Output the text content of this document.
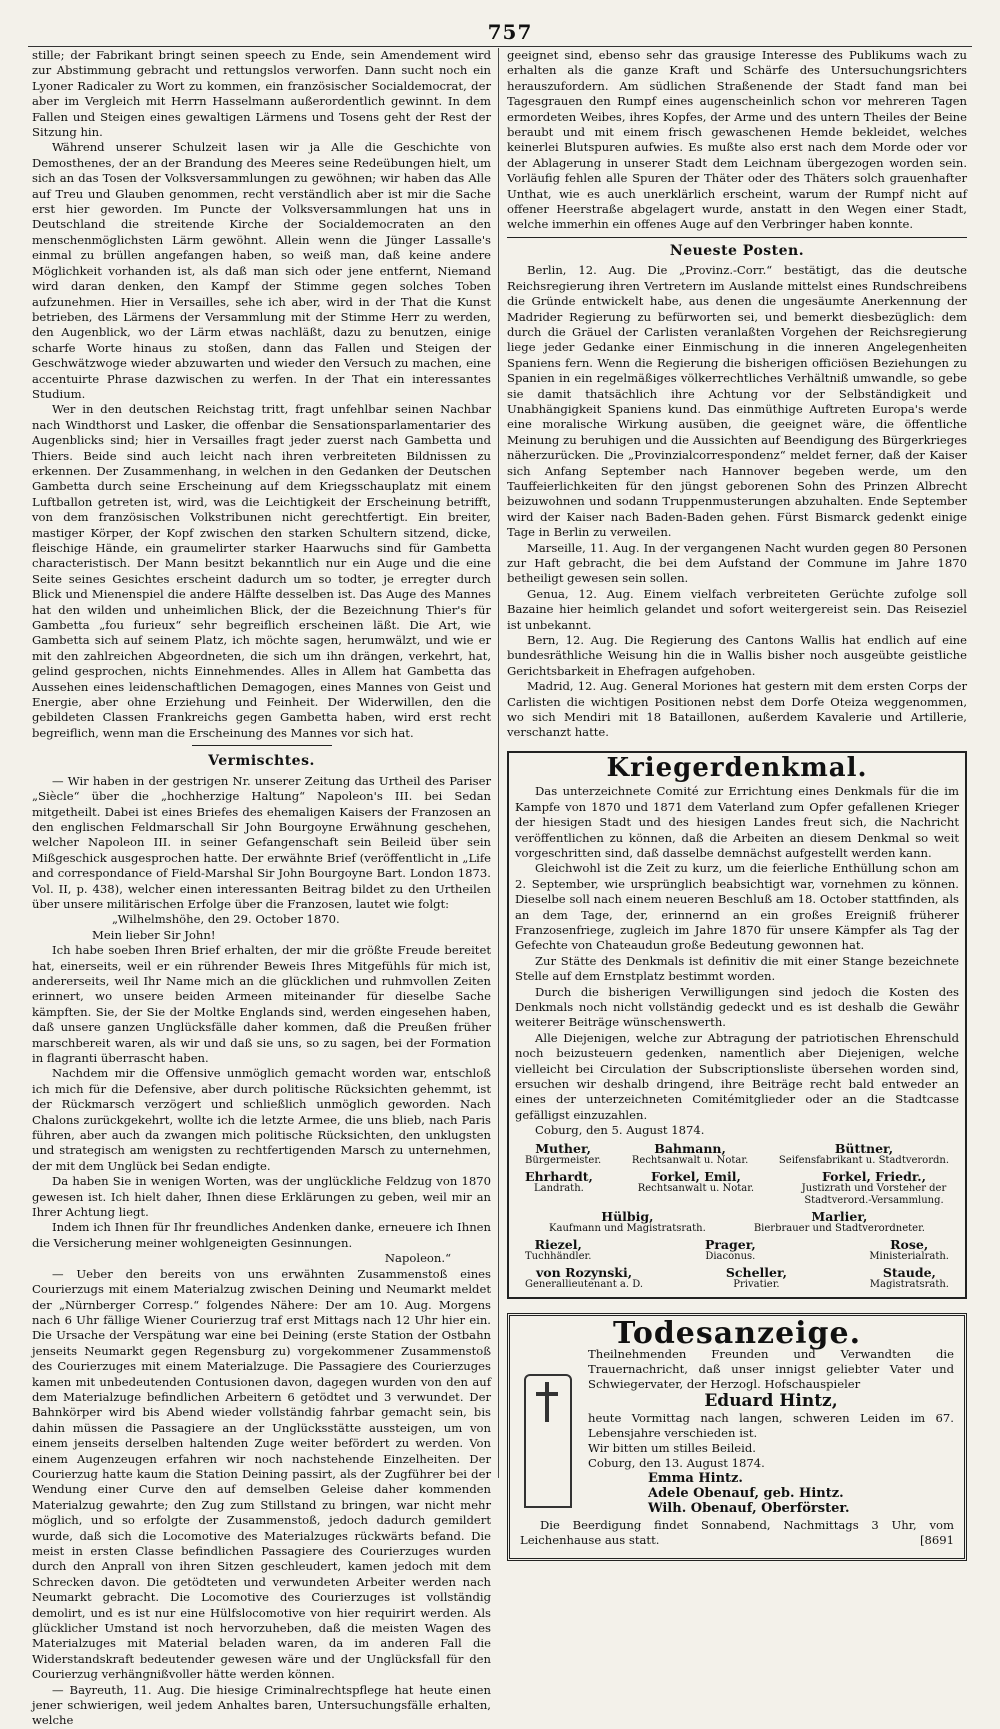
757

stille; der Fabrikant bringt seinen speech zu Ende, sein Amendement wird zur Abstimmung gebracht und rettungslos verworfen. Dann sucht noch ein Lyoner Radicaler zu Wort zu kommen, ein französischer Socialdemocrat, der aber im Vergleich mit Herrn Hasselmann außerordentlich gewinnt. In dem Fallen und Steigen eines gewaltigen Lärmens und Tosens geht der Rest der Sitzung hin.

Während unserer Schulzeit lasen wir ja Alle die Geschichte von Demosthenes, der an der Brandung des Meeres seine Redeübungen hielt, um sich an das Tosen der Volksversammlungen zu gewöhnen; wir haben das Alle auf Treu und Glauben genommen, recht verständlich aber ist mir die Sache erst hier geworden. Im Puncte der Volksversammlungen hat uns in Deutschland die streitende Kirche der Socialdemocraten an den menschenmöglichsten Lärm gewöhnt. Allein wenn die Jünger Lassalle's einmal zu brüllen angefangen haben, so weiß man, daß keine andere Möglichkeit vorhanden ist, als daß man sich oder jene entfernt, Niemand wird daran denken, den Kampf der Stimme gegen solches Toben aufzunehmen. Hier in Versailles, sehe ich aber, wird in der That die Kunst betrieben, des Lärmens der Versammlung mit der Stimme Herr zu werden, den Augenblick, wo der Lärm etwas nachläßt, dazu zu benutzen, einige scharfe Worte hinaus zu stoßen, dann das Fallen und Steigen der Geschwätzwoge wieder abzuwarten und wieder den Versuch zu machen, eine accentuirte Phrase dazwischen zu werfen. In der That ein interessantes Studium.

Wer in den deutschen Reichstag tritt, fragt unfehlbar seinen Nachbar nach Windthorst und Lasker, die offenbar die Sensationsparlamentarier des Augenblicks sind; hier in Versailles fragt jeder zuerst nach Gambetta und Thiers. Beide sind auch leicht nach ihren verbreiteten Bildnissen zu erkennen. Der Zusammenhang, in welchen in den Gedanken der Deutschen Gambetta durch seine Erscheinung auf dem Kriegsschauplatz mit einem Luftballon getreten ist, wird, was die Leichtigkeit der Erscheinung betrifft, von dem französischen Volkstribunen nicht gerechtfertigt. Ein breiter, mastiger Körper, der Kopf zwischen den starken Schultern sitzend, dicke, fleischige Hände, ein graumelirter starker Haarwuchs sind für Gambetta characteristisch. Der Mann besitzt bekanntlich nur ein Auge und die eine Seite seines Gesichtes erscheint dadurch um so todter, je erregter durch Blick und Mienenspiel die andere Hälfte desselben ist. Das Auge des Mannes hat den wilden und unheimlichen Blick, der die Bezeichnung Thier's für Gambetta „fou furieux“ sehr begreiflich erscheinen läßt. Die Art, wie Gambetta sich auf seinem Platz, ich möchte sagen, herumwälzt, und wie er mit den zahlreichen Abgeordneten, die sich um ihn drängen, verkehrt, hat, gelind gesprochen, nichts Einnehmendes. Alles in Allem hat Gambetta das Aussehen eines leidenschaftlichen Demagogen, eines Mannes von Geist und Energie, aber ohne Erziehung und Feinheit. Der Widerwillen, den die gebildeten Classen Frankreichs gegen Gambetta haben, wird erst recht begreiflich, wenn man die Erscheinung des Mannes vor sich hat.

Vermischtes.

— Wir haben in der gestrigen Nr. unserer Zeitung das Urtheil des Pariser „Siècle“ über die „hochherzige Haltung“ Napoleon's III. bei Sedan mitgetheilt. Dabei ist eines Briefes des ehemaligen Kaisers der Franzosen an den englischen Feldmarschall Sir John Bourgoyne Erwähnung geschehen, welcher Napoleon III. in seiner Gefangenschaft sein Beileid über sein Mißgeschick ausgesprochen hatte. Der erwähnte Brief (veröffentlicht in „Life and correspondance of Field-Marshal Sir John Bourgoyne Bart. London 1873. Vol. II, p. 438), welcher einen interessanten Beitrag bildet zu den Urtheilen über unsere militärischen Erfolge über die Franzosen, lautet wie folgt:

„Wilhelmshöhe, den 29. October 1870.

Mein lieber Sir John!

Ich habe soeben Ihren Brief erhalten, der mir die größte Freude bereitet hat, einerseits, weil er ein rührender Beweis Ihres Mitgefühls für mich ist, andererseits, weil Ihr Name mich an die glücklichen und ruhmvollen Zeiten erinnert, wo unsere beiden Armeen miteinander für dieselbe Sache kämpften. Sie, der Sie der Moltke Englands sind, werden eingesehen haben, daß unsere ganzen Unglücksfälle daher kommen, daß die Preußen früher marschbereit waren, als wir und daß sie uns, so zu sagen, bei der Formation in flagranti überrascht haben.

Nachdem mir die Offensive unmöglich gemacht worden war, entschloß ich mich für die Defensive, aber durch politische Rücksichten gehemmt, ist der Rückmarsch verzögert und schließlich unmöglich geworden. Nach Chalons zurückgekehrt, wollte ich die letzte Armee, die uns blieb, nach Paris führen, aber auch da zwangen mich politische Rücksichten, den unklugsten und strategisch am wenigsten zu rechtfertigenden Marsch zu unternehmen, der mit dem Unglück bei Sedan endigte.

Da haben Sie in wenigen Worten, was der unglückliche Feldzug von 1870 gewesen ist. Ich hielt daher, Ihnen diese Erklärungen zu geben, weil mir an Ihrer Achtung liegt.

Indem ich Ihnen für Ihr freundliches Andenken danke, erneuere ich Ihnen die Versicherung meiner wohlgeneigten Gesinnungen.

Napoleon.“

— Ueber den bereits von uns erwähnten Zusammenstoß eines Courierzugs mit einem Materialzug zwischen Deining und Neumarkt meldet der „Nürnberger Corresp.“ folgendes Nähere: Der am 10. Aug. Morgens nach 6 Uhr fällige Wiener Courierzug traf erst Mittags nach 12 Uhr hier ein. Die Ursache der Verspätung war eine bei Deining (erste Station der Ostbahn jenseits Neumarkt gegen Regensburg zu) vorgekommener Zusammenstoß des Courierzuges mit einem Materialzuge. Die Passagiere des Courierzuges kamen mit unbedeutenden Contusionen davon, dagegen wurden von den auf dem Materialzuge befindlichen Arbeitern 6 getödtet und 3 verwundet. Der Bahnkörper wird bis Abend wieder vollständig fahrbar gemacht sein, bis dahin müssen die Passagiere an der Unglücksstätte aussteigen, um von einem jenseits derselben haltenden Zuge weiter befördert zu werden. Von einem Augenzeugen erfahren wir noch nachstehende Einzelheiten. Der Courierzug hatte kaum die Station Deining passirt, als der Zugführer bei der Wendung einer Curve den auf demselben Geleise daher kommenden Materialzug gewahrte; den Zug zum Stillstand zu bringen, war nicht mehr möglich, und so erfolgte der Zusammenstoß, jedoch dadurch gemildert wurde, daß sich die Locomotive des Materialzuges rückwärts befand. Die meist in ersten Classe befindlichen Passagiere des Courierzuges wurden durch den Anprall von ihren Sitzen geschleudert, kamen jedoch mit dem Schrecken davon. Die getödteten und verwundeten Arbeiter werden nach Neumarkt gebracht. Die Locomotive des Courierzuges ist vollständig demolirt, und es ist nur eine Hülfslocomotive von hier requirirt werden. Als glücklicher Umstand ist noch hervorzuheben, daß die meisten Wagen des Materialzuges mit Material beladen waren, da im anderen Fall die Widerstandskraft bedeutender gewesen wäre und der Unglücksfall für den Courierzug verhängnißvoller hätte werden können.

— Bayreuth, 11. Aug. Die hiesige Criminalrechtspflege hat heute einen jener schwierigen, weil jedem Anhaltes baren, Untersuchungsfälle erhalten, welche

geeignet sind, ebenso sehr das grausige Interesse des Publikums wach zu erhalten als die ganze Kraft und Schärfe des Untersuchungsrichters herauszufordern. Am südlichen Straßenende der Stadt fand man bei Tagesgrauen den Rumpf eines augenscheinlich schon vor mehreren Tagen ermordeten Weibes, ihres Kopfes, der Arme und des untern Theiles der Beine beraubt und mit einem frisch gewaschenen Hemde bekleidet, welches keinerlei Blutspuren aufwies. Es mußte also erst nach dem Morde oder vor der Ablagerung in unserer Stadt dem Leichnam übergezogen worden sein. Vorläufig fehlen alle Spuren der Thäter oder des Thäters solch grauenhafter Unthat, wie es auch unerklärlich erscheint, warum der Rumpf nicht auf offener Heerstraße abgelagert wurde, anstatt in den Wegen einer Stadt, welche immerhin ein offenes Auge auf den Verbringer haben konnte.

Neueste Posten.

Berlin, 12. Aug. Die „Provinz.-Corr.“ bestätigt, das die deutsche Reichsregierung ihren Vertretern im Auslande mittelst eines Rundschreibens die Gründe entwickelt habe, aus denen die ungesäumte Anerkennung der Madrider Regierung zu befürworten sei, und bemerkt diesbezüglich: dem durch die Gräuel der Carlisten veranlaßten Vorgehen der Reichsregierung liege jeder Gedanke einer Einmischung in die inneren Angelegenheiten Spaniens fern. Wenn die Regierung die bisherigen officiösen Beziehungen zu Spanien in ein regelmäßiges völkerrechtliches Verhältniß umwandle, so gebe sie damit thatsächlich ihre Achtung vor der Selbständigkeit und Unabhängigkeit Spaniens kund. Das einmüthige Auftreten Europa's werde eine moralische Wirkung ausüben, die geeignet wäre, die öffentliche Meinung zu beruhigen und die Aussichten auf Beendigung des Bürgerkrieges näherzurücken. Die „Provinzialcorrespondenz“ meldet ferner, daß der Kaiser sich Anfang September nach Hannover begeben werde, um den Tauffeierlichkeiten für den jüngst geborenen Sohn des Prinzen Albrecht beizuwohnen und sodann Truppenmusterungen abzuhalten. Ende September wird der Kaiser nach Baden-Baden gehen. Fürst Bismarck gedenkt einige Tage in Berlin zu verweilen.

Marseille, 11. Aug. In der vergangenen Nacht wurden gegen 80 Personen zur Haft gebracht, die bei dem Aufstand der Commune im Jahre 1870 betheiligt gewesen sein sollen.

Genua, 12. Aug. Einem vielfach verbreiteten Gerüchte zufolge soll Bazaine hier heimlich gelandet und sofort weitergereist sein. Das Reiseziel ist unbekannt.

Bern, 12. Aug. Die Regierung des Cantons Wallis hat endlich auf eine bundesräthliche Weisung hin die in Wallis bisher noch ausgeübte geistliche Gerichtsbarkeit in Ehefragen aufgehoben.

Madrid, 12. Aug. General Moriones hat gestern mit dem ersten Corps der Carlisten die wichtigen Positionen nebst dem Dorfe Oteiza weggenommen, wo sich Mendiri mit 18 Bataillonen, außerdem Kavalerie und Artillerie, verschanzt hatte.

Kriegerdenkmal.

Das unterzeichnete Comité zur Errichtung eines Denkmals für die im Kampfe von 1870 und 1871 dem Vaterland zum Opfer gefallenen Krieger der hiesigen Stadt und des hiesigen Landes freut sich, die Nachricht veröffentlichen zu können, daß die Arbeiten an diesem Denkmal so weit vorgeschritten sind, daß dasselbe demnächst aufgestellt werden kann.

Gleichwohl ist die Zeit zu kurz, um die feierliche Enthüllung schon am 2. September, wie ursprünglich beabsichtigt war, vornehmen zu können. Dieselbe soll nach einem neueren Beschluß am 18. October stattfinden, als an dem Tage, der, erinnernd an ein großes Ereigniß früherer Franzosenfriege, zugleich im Jahre 1870 für unsere Kämpfer als Tag der Gefechte von Chateaudun große Bedeutung gewonnen hat.

Zur Stätte des Denkmals ist definitiv die mit einer Stange bezeichnete Stelle auf dem Ernstplatz bestimmt worden.

Durch die bisherigen Verwilligungen sind jedoch die Kosten des Denkmals noch nicht vollständig gedeckt und es ist deshalb die Gewähr weiterer Beiträge wünschenswerth.

Alle Diejenigen, welche zur Abtragung der patriotischen Ehrenschuld noch beizusteuern gedenken, namentlich aber Diejenigen, welche vielleicht bei Circulation der Subscriptionsliste übersehen worden sind, ersuchen wir deshalb dringend, ihre Beiträge recht bald entweder an eines der unterzeichneten Comitémitglieder oder an die Stadtcasse gefälligst einzuzahlen.

Coburg, den 5. August 1874.

Muther,
Bürgermeister.
Bahmann,
Rechtsanwalt u. Notar.
Büttner,
Seifensfabrikant u. Stadtverordn.
Ehrhardt,
Landrath.
Forkel, Emil,
Rechtsanwalt u. Notar.
Forkel, Friedr.,
Justizrath und Vorsteher der Stadtverord.-Versammlung.
Hülbig,
Kaufmann und Magistratsrath.
Marlier,
Bierbrauer und Stadtverordneter.
Riezel,
Tuchhändler.
Prager,
Diaconus.
Rose,
Ministerialrath.
von Rozynski,
Generallieutenant a. D.
Scheller,
Privatier.
Staude,
Magistratsrath.
Todesanzeige.

Theilnehmenden Freunden und Verwandten die Trauernachricht, daß unser innigst geliebter Vater und Schwiegervater, der Herzogl. Hofschauspieler

Eduard Hintz,

heute Vormittag nach langen, schweren Leiden im 67. Lebensjahre verschieden ist.

Wir bitten um stilles Beileid.

Coburg, den 13. August 1874.

Emma Hintz.
Adele Obenauf, geb. Hintz.
Wilh. Obenauf, Oberförster.

Die Beerdigung findet Sonnabend, Nachmittags 3 Uhr, vom Leichenhause aus statt.	[8691
